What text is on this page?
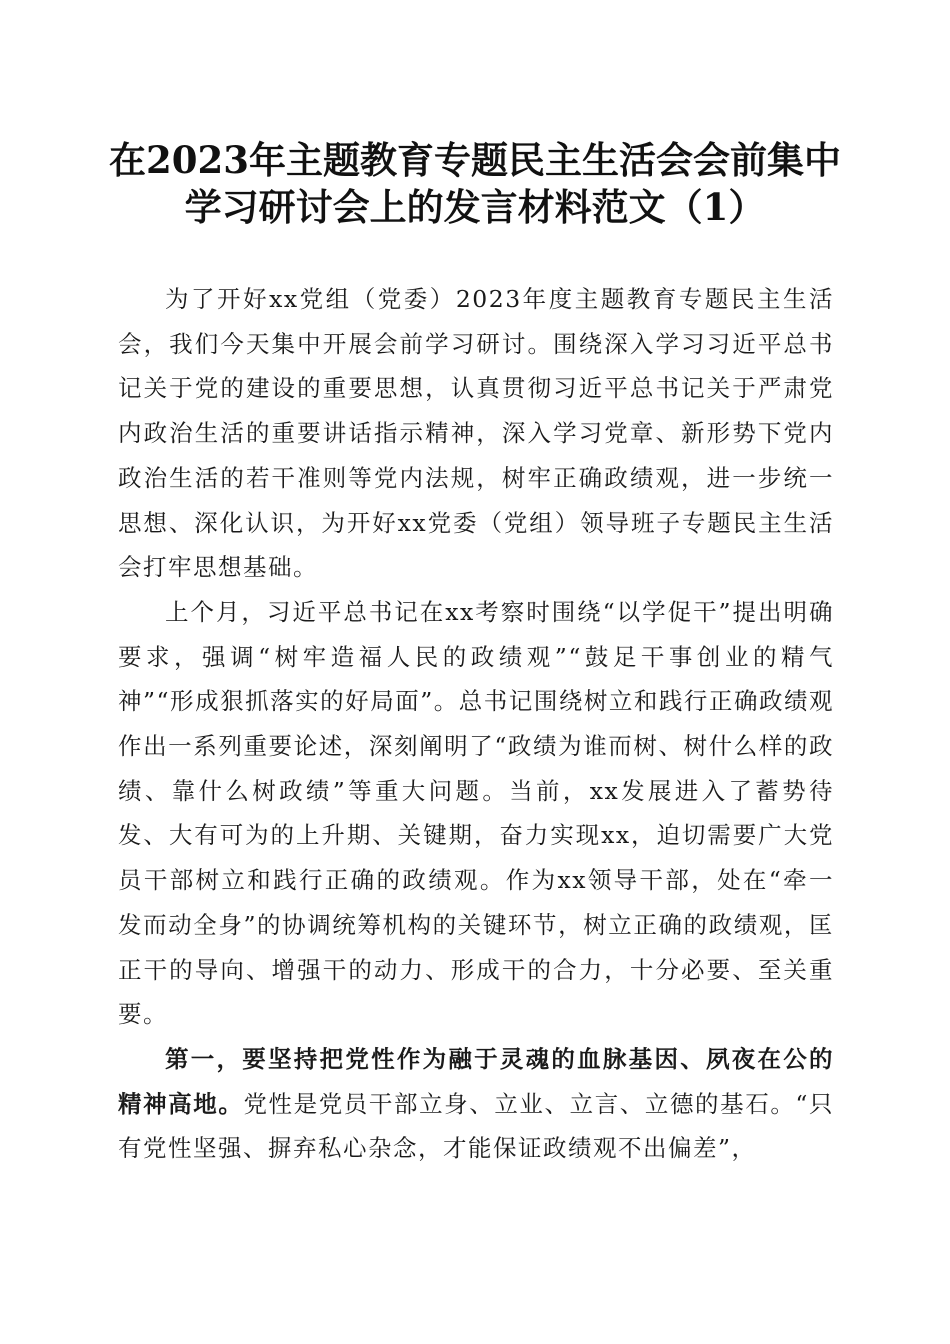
在2023年主题教育专题民主生活会会前集中
学习研讨会上的发言材料范文（1）

为了开好xx党组（党委）2023年度主题教育专题民主生活会，我们今天集中开展会前学习研讨。围绕深入学习习近平总书记关于党的建设的重要思想，认真贯彻习近平总书记关于严肃党内政治生活的重要讲话指示精神，深入学习党章、新形势下党内政治生活的若干准则等党内法规，树牢正确政绩观，进一步统一思想、深化认识，为开好xx党委（党组）领导班子专题民主生活会打牢思想基础。

上个月，习近平总书记在xx考察时围绕“以学促干”提出明确要求，强调“树牢造福人民的政绩观”“鼓足干事创业的精气神”“形成狠抓落实的好局面”。总书记围绕树立和践行正确政绩观作出一系列重要论述，深刻阐明了“政绩为谁而树、树什么样的政绩、靠什么树政绩”等重大问题。当前，xx发展进入了蓄势待发、大有可为的上升期、关键期，奋力实现xx，迫切需要广大党员干部树立和践行正确的政绩观。作为xx领导干部，处在“牵一发而动全身”的协调统筹机构的关键环节，树立正确的政绩观，匡正干的导向、增强干的动力、形成干的合力，十分必要、至关重要。

第一，要坚持把党性作为融于灵魂的血脉基因、夙夜在公的精神高地。党性是党员干部立身、立业、立言、立德的基石。“只有党性坚强、摒弃私心杂念，才能保证政绩观不出偏差”，
